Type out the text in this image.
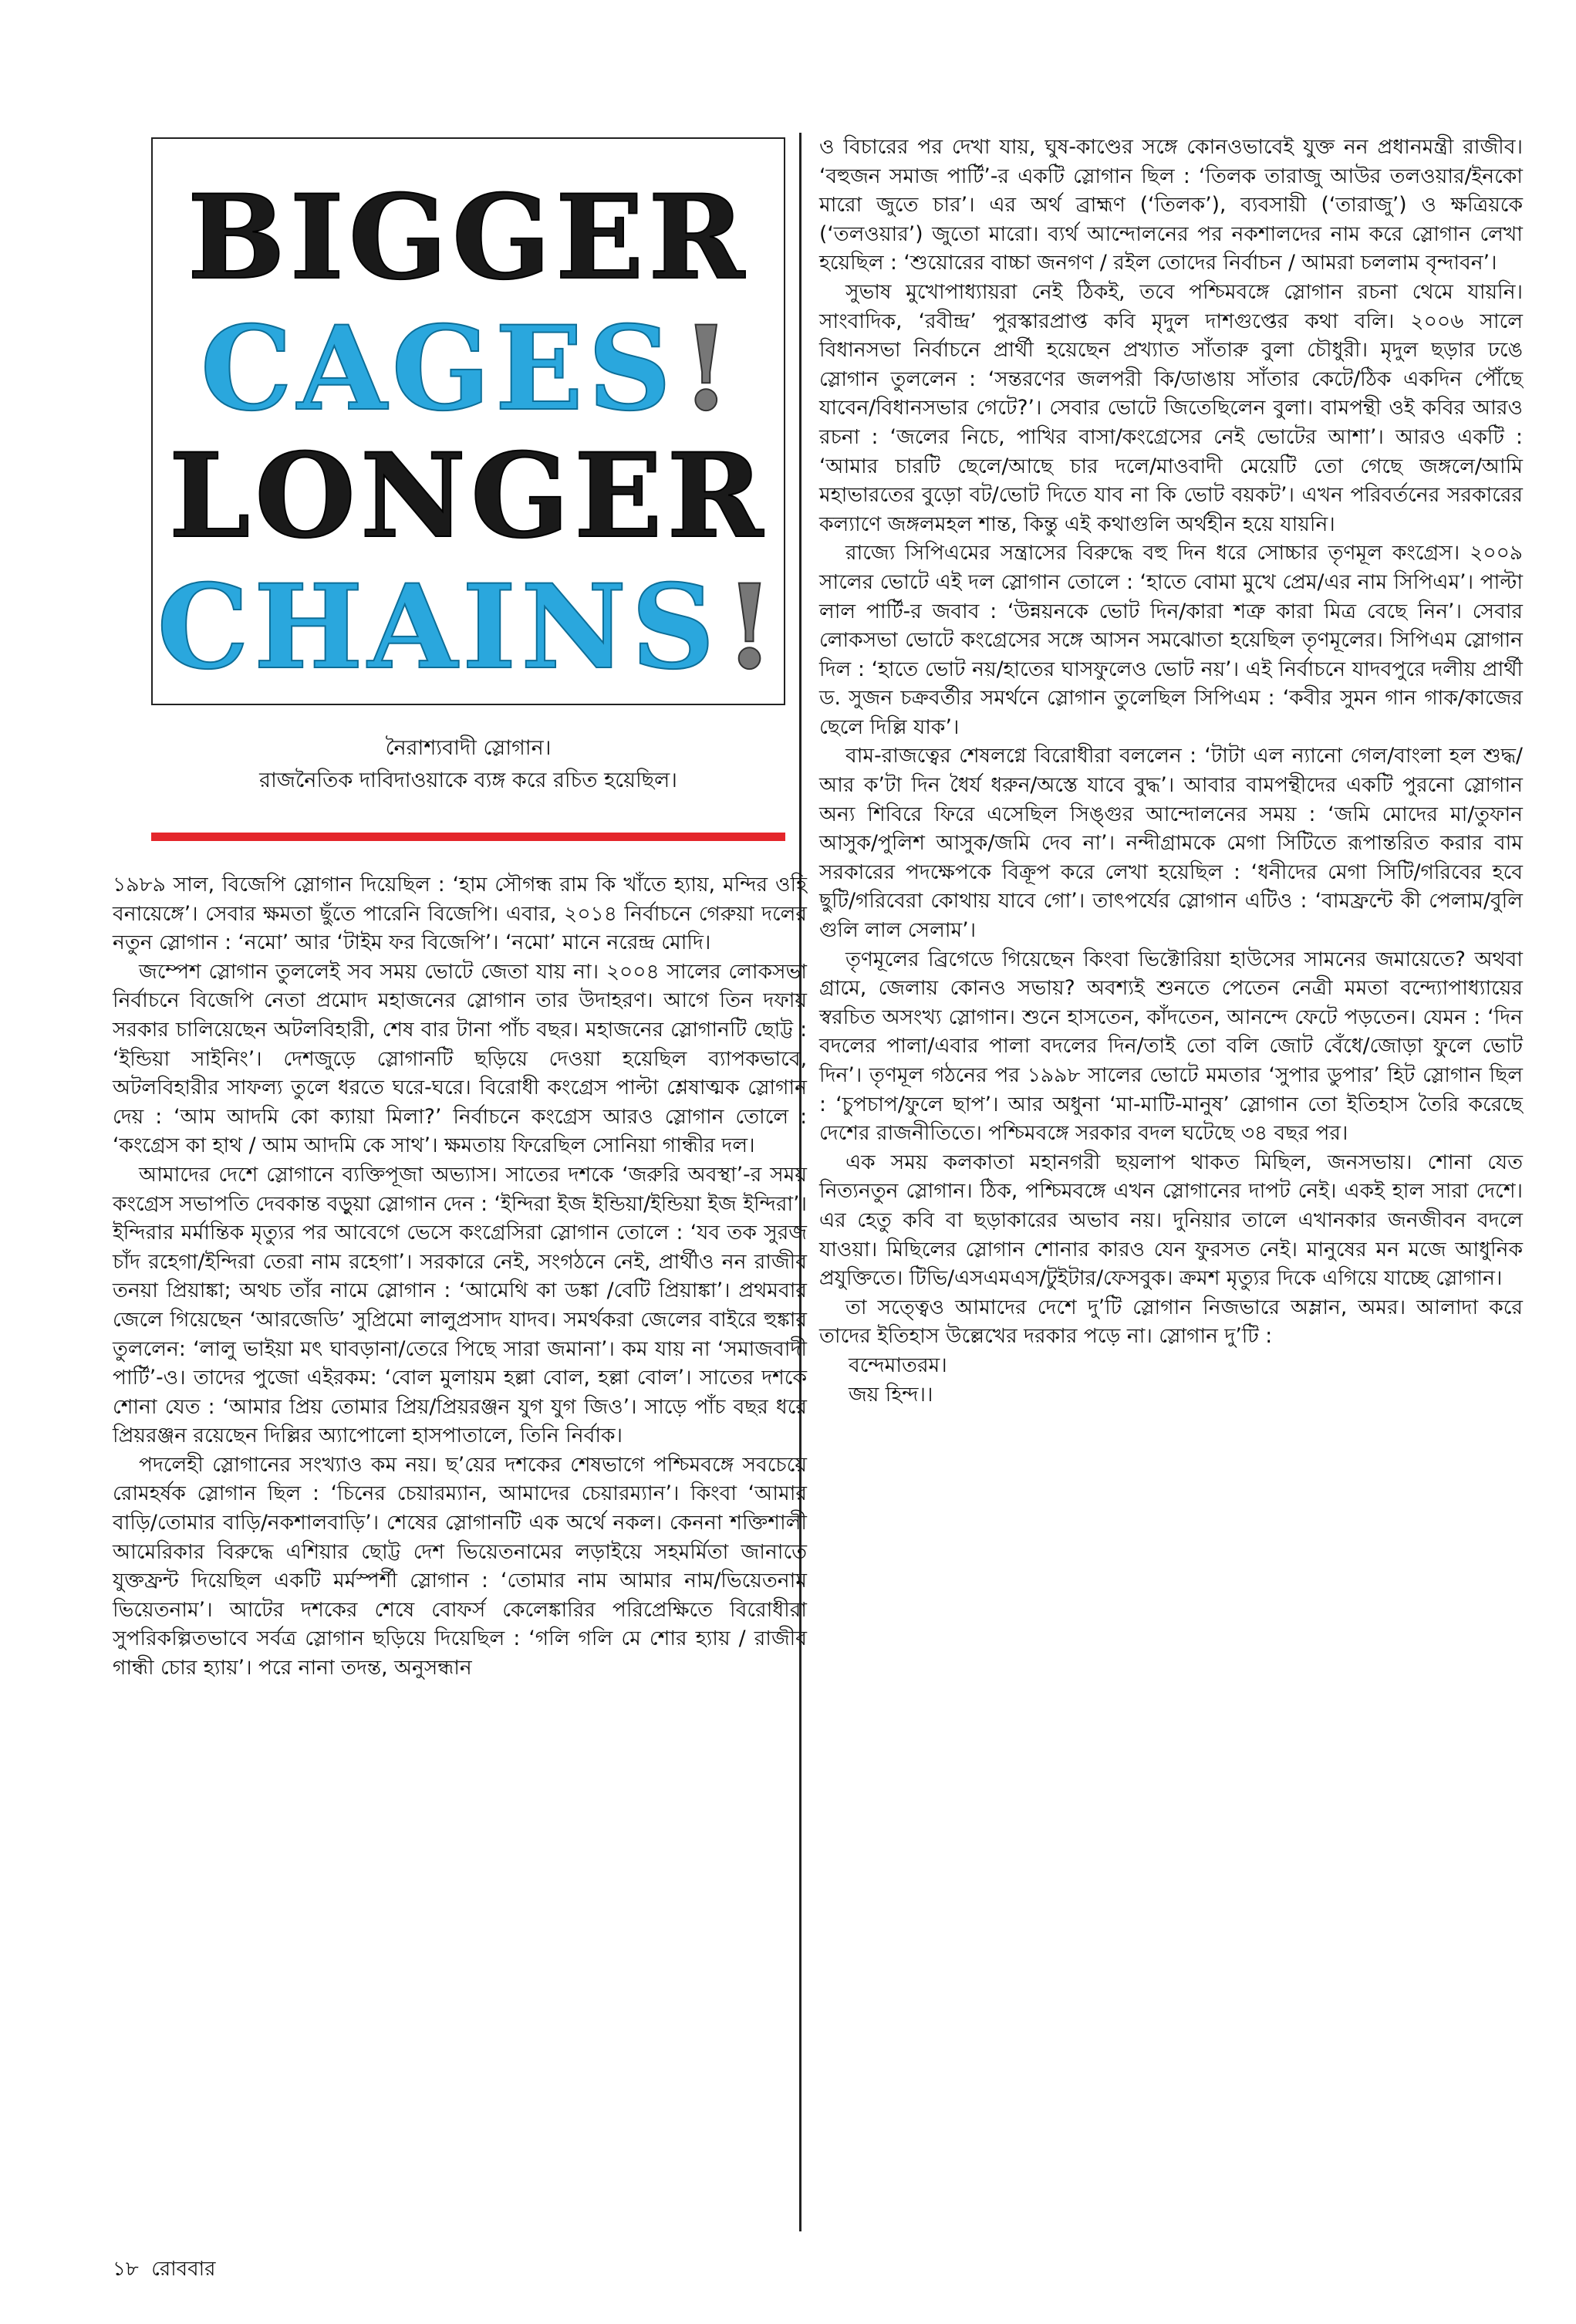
BIGGER
CAGES!
LONGER
CHAINS!
নৈরাশ্যবাদী স্লোগান।
রাজনৈতিক দাবিদাওয়াকে ব্যঙ্গ করে রচিত হয়েছিল।

১৯৮৯ সাল, বিজেপি স্লোগান দিয়েছিল : ‘হাম সৌগন্ধ রাম কি খাঁতে হ্যায়, মন্দির ওহি বনায়েঙ্গে’। সেবার ক্ষমতা ছুঁতে পারেনি বিজেপি। এবার, ২০১৪ নির্বাচনে গেরুয়া দলের নতুন স্লোগান : ‘নমো’ আর ‘টাইম ফর বিজেপি’। ‘নমো’ মানে নরেন্দ্র মোদি।

জম্পেশ স্লোগান তুললেই সব সময় ভোটে জেতা যায় না। ২০০৪ সালের লোকসভা নির্বাচনে বিজেপি নেতা প্রমোদ মহাজনের স্লোগান তার উদাহরণ। আগে তিন দফায় সরকার চালিয়েছেন অটলবিহারী, শেষ বার টানা পাঁচ বছর। মহাজনের স্লোগানটি ছোট্ট : ‘ইন্ডিয়া সাইনিং’। দেশজুড়ে স্লোগানটি ছড়িয়ে দেওয়া হয়েছিল ব্যাপকভাবে, অটলবিহারীর সাফল্য তুলে ধরতে ঘরে-ঘরে। বিরোধী কংগ্রেস পাল্টা শ্লেষাত্মক স্লোগান দেয় : ‘আম আদমি কো ক্যায়া মিলা?’ নির্বাচনে কংগ্রেস আরও স্লোগান তোলে : ‘কংগ্রেস কা হাথ / আম আদমি কে সাথ’। ক্ষমতায় ফিরেছিল সোনিয়া গান্ধীর দল।

আমাদের দেশে স্লোগানে ব্যক্তিপূজা অভ্যাস। সাতের দশকে ‘জরুরি অবস্থা’-র সময় কংগ্রেস সভাপতি দেবকান্ত বড়ুয়া স্লোগান দেন : ‘ইন্দিরা ইজ ইন্ডিয়া/ইন্ডিয়া ইজ ইন্দিরা’। ইন্দিরার মর্মান্তিক মৃত্যুর পর আবেগে ভেসে কংগ্রেসিরা স্লোগান তোলে : ‘যব তক সুরজ চাঁদ রহেগা/ইন্দিরা তেরা নাম রহেগা’। সরকারে নেই, সংগঠনে নেই, প্রার্থীও নন রাজীব তনয়া প্রিয়াঙ্কা; অথচ তাঁর নামে স্লোগান : ‘আমেথি কা ডঙ্কা /বেটি প্রিয়াঙ্কা’। প্রথমবার জেলে গিয়েছেন ‘আরজেডি’ সুপ্রিমো লালুপ্রসাদ যাদব। সমর্থকরা জেলের বাইরে হুঙ্কার তুললেন: ‘লালু ভাইয়া মৎ ঘাবড়ানা/তেরে পিছে সারা জমানা’। কম যায় না ‘সমাজবাদী পার্টি’-ও। তাদের পুজো এইরকম: ‘বোল মুলায়ম হল্লা বোল, হল্লা বোল’। সাতের দশকে শোনা যেত : ‘আমার প্রিয় তোমার প্রিয়/প্রিয়রঞ্জন যুগ যুগ জিও’। সাড়ে পাঁচ বছর ধরে প্রিয়রঞ্জন রয়েছেন দিল্লির অ্যাপোলো হাসপাতালে, তিনি নির্বাক।

পদলেহী স্লোগানের সংখ্যাও কম নয়। ছ’য়ের দশকের শেষভাগে পশ্চিমবঙ্গে সবচেয়ে রোমহর্ষক স্লোগান ছিল : ‘চিনের চেয়ারম্যান, আমাদের চেয়ারম্যান’। কিংবা ‘আমার বাড়ি/তোমার বাড়ি/নকশালবাড়ি’। শেষের স্লোগানটি এক অর্থে নকল। কেননা শক্তিশালী আমেরিকার বিরুদ্ধে এশিয়ার ছোট্ট দেশ ভিয়েতনামের লড়াইয়ে সহমর্মিতা জানাতে যুক্তফ্রন্ট দিয়েছিল একটি মর্মস্পর্শী স্লোগান : ‘তোমার নাম আমার নাম/ভিয়েতনাম ভিয়েতনাম’। আটের দশকের শেষে বোফর্স কেলেঙ্কারির পরিপ্রেক্ষিতে বিরোধীরা সুপরিকল্পিতভাবে সর্বত্র স্লোগান ছড়িয়ে দিয়েছিল : ‘গলি গলি মে শোর হ্যায় / রাজীব গান্ধী চোর হ্যায়’। পরে নানা তদন্ত, অনুসন্ধান

ও বিচারের পর দেখা যায়, ঘুষ-কাণ্ডের সঙ্গে কোনওভাবেই যুক্ত নন প্রধানমন্ত্রী রাজীব। ‘বহুজন সমাজ পার্টি’-র একটি স্লোগান ছিল : ‘তিলক তারাজু আউর তলওয়ার/ইনকো মারো জুতে চার’। এর অর্থ ব্রাহ্মণ (‘তিলক’), ব্যবসায়ী (‘তারাজু’) ও ক্ষত্রিয়কে (‘তলওয়ার’) জুতো মারো। ব্যর্থ আন্দোলনের পর নকশালদের নাম করে স্লোগান লেখা হয়েছিল : ‘শুয়োরের বাচ্চা জনগণ / রইল তোদের নির্বাচন / আমরা চললাম বৃন্দাবন’।

সুভাষ মুখোপাধ্যায়রা নেই ঠিকই, তবে পশ্চিমবঙ্গে স্লোগান রচনা থেমে যায়নি। সাংবাদিক, ‘রবীন্দ্র’ পুরস্কারপ্রাপ্ত কবি মৃদুল দাশগুপ্তের কথা বলি। ২০০৬ সালে বিধানসভা নির্বাচনে প্রার্থী হয়েছেন প্রখ্যাত সাঁতারু বুলা চৌধুরী। মৃদুল ছড়ার ঢঙে স্লোগান তুললেন : ‘সন্তরণের জলপরী কি/ডাঙায় সাঁতার কেটে/ঠিক একদিন পৌঁছে যাবেন/বিধানসভার গেটে?’। সেবার ভোটে জিতেছিলেন বুলা। বামপন্থী ওই কবির আরও রচনা : ‘জলের নিচে, পাখির বাসা/কংগ্রেসের নেই ভোটের আশা’। আরও একটি : ‘আমার চারটি ছেলে/আছে চার দলে/মাওবাদী মেয়েটি তো গেছে জঙ্গলে/আমি মহাভারতের বুড়ো বট/ভোট দিতে যাব না কি ভোট বয়কট’। এখন পরিবর্তনের সরকারের কল্যাণে জঙ্গলমহল শান্ত, কিন্তু এই কথাগুলি অর্থহীন হয়ে যায়নি।

রাজ্যে সিপিএমের সন্ত্রাসের বিরুদ্ধে বহু দিন ধরে সোচ্চার তৃণমূল কংগ্রেস। ২০০৯ সালের ভোটে এই দল স্লোগান তোলে : ‘হাতে বোমা মুখে প্রেম/এর নাম সিপিএম’। পাল্টা লাল পার্টি-র জবাব : ‘উন্নয়নকে ভোট দিন/কারা শত্রু কারা মিত্র বেছে নিন’। সেবার লোকসভা ভোটে কংগ্রেসের সঙ্গে আসন সমঝোতা হয়েছিল তৃণমূলের। সিপিএম স্লোগান দিল : ‘হাতে ভোট নয়/হাতের ঘাসফুলেও ভোট নয়’। এই নির্বাচনে যাদবপুরে দলীয় প্রার্থী ড. সুজন চক্রবর্তীর সমর্থনে স্লোগান তুলেছিল সিপিএম : ‘কবীর সুমন গান গাক/কাজের ছেলে দিল্লি যাক’।

বাম-রাজত্বের শেষলগ্নে বিরোধীরা বললেন : ‘টাটা এল ন্যানো গেল/বাংলা হল শুদ্ধ/আর ক’টা দিন ধৈর্য ধরুন/অস্তে যাবে বুদ্ধ’। আবার বামপন্থীদের একটি পুরনো স্লোগান অন্য শিবিরে ফিরে এসেছিল সিঙ্গুর আন্দোলনের সময় : ‘জমি মোদের মা/তুফান আসুক/পুলিশ আসুক/জমি দেব না’। নন্দীগ্রামকে মেগা সিটিতে রূপান্তরিত করার বাম সরকারের পদক্ষেপকে বিক্রূপ করে লেখা হয়েছিল : ‘ধনীদের মেগা সিটি/গরিবের হবে ছুটি/গরিবেরা কোথায় যাবে গো’। তাৎপর্যের স্লোগান এটিও : ‘বামফ্রন্টে কী পেলাম/বুলি গুলি লাল সেলাম’।

তৃণমূলের ব্রিগেডে গিয়েছেন কিংবা ভিক্টোরিয়া হাউসের সামনের জমায়েতে? অথবা গ্রামে, জেলায় কোনও সভায়? অবশ্যই শুনতে পেতেন নেত্রী মমতা বন্দ্যোপাধ্যায়ের স্বরচিত অসংখ্য স্লোগান। শুনে হাসতেন, কাঁদতেন, আনন্দে ফেটে পড়তেন। যেমন : ‘দিন বদলের পালা/এবার পালা বদলের দিন/তাই তো বলি জোট বেঁধে/জোড়া ফুলে ভোট দিন’। তৃণমূল গঠনের পর ১৯৯৮ সালের ভোটে মমতার ‘সুপার ডুপার’ হিট স্লোগান ছিল : ‘চুপচাপ/ফুলে ছাপ’। আর অধুনা ‘মা-মাটি-মানুষ’ স্লোগান তো ইতিহাস তৈরি করেছে দেশের রাজনীতিতে। পশ্চিমবঙ্গে সরকার বদল ঘটেছে ৩৪ বছর পর।

এক সময় কলকাতা মহানগরী ছয়লাপ থাকত মিছিল, জনসভায়। শোনা যেত নিত্যনতুন স্লোগান। ঠিক, পশ্চিমবঙ্গে এখন স্লোগানের দাপট নেই। একই হাল সারা দেশে। এর হেতু কবি বা ছড়াকারের অভাব নয়। দুনিয়ার তালে এখানকার জনজীবন বদলে যাওয়া। মিছিলের স্লোগান শোনার কারও যেন ফুরসত নেই। মানুষের মন মজে আধুনিক প্রযুক্তিতে। টিভি/এসএমএস/টুইটার/ফেসবুক। ক্রমশ মৃত্যুর দিকে এগিয়ে যাচ্ছে স্লোগান।

তা সত্ত্বেও আমাদের দেশে দু’টি স্লোগান নিজভারে অম্লান, অমর। আলাদা করে তাদের ইতিহাস উল্লেখের দরকার পড়ে না। স্লোগান দু’টি :

বন্দেমাতরম।
জয় হিন্দ।।
১৮ রোববার
